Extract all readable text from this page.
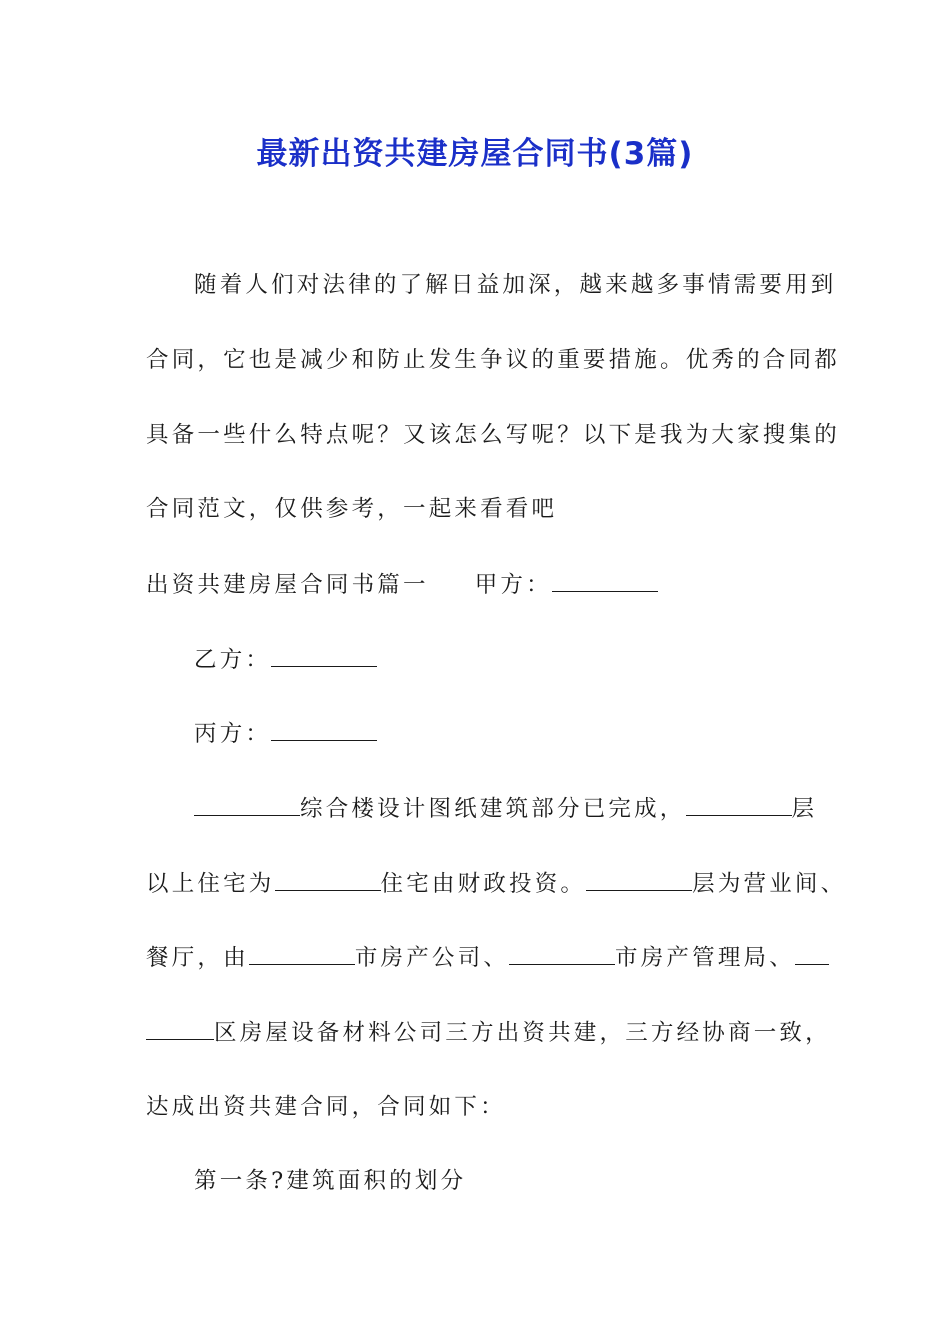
最新出资共建房屋合同书(3篇)
随着人们对法律的了解日益加深，越来越多事情需要用到
合同，它也是减少和防止发生争议的重要措施。优秀的合同都
具备一些什么特点呢？又该怎么写呢？以下是我为大家搜集的
合同范文，仅供参考，一起来看看吧
出资共建房屋合同书篇一 甲方：
乙方：
丙方：
综合楼设计图纸建筑部分已完成，	层
以上住宅为	住宅由财政投资。	层为营业间、
餐厅，由	市房产公司、	市房产管理局、
区房屋设备材料公司三方出资共建，三方经协商一致，
达成出资共建合同，合同如下：
第一条?建筑面积的划分
